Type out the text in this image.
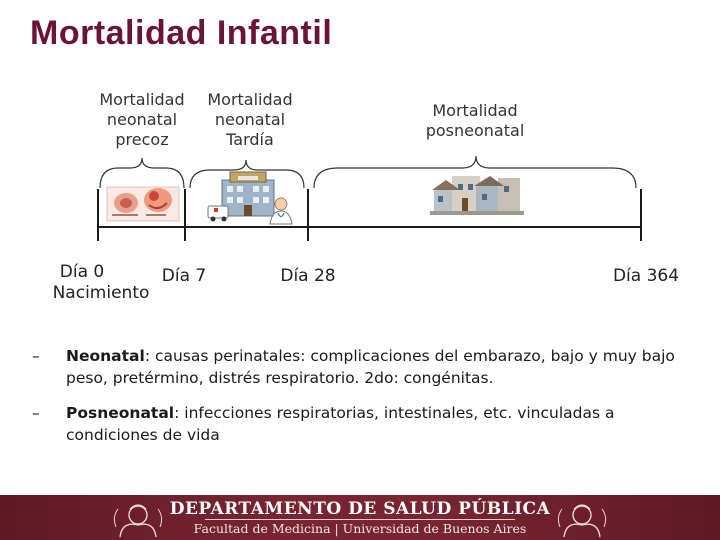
Mortalidad Infantil
Mortalidad
neonatal
precoz
Mortalidad
neonatal
Tardía
Mortalidad
posneonatal
Día 0
Nacimiento
Día 7	Día 28	Día 364
– Neonatal: causas perinatales: complicaciones del embarazo, bajo y muy bajo peso, pretérmino, distrés respiratorio. 2do: congénitas.
– Posneonatal: infecciones respiratorias, intestinales, etc. vinculadas a condiciones de vida
DEPARTAMENTO DE SALUD PÚBLICA
Facultad de Medicina | Universidad de Buenos Aires
